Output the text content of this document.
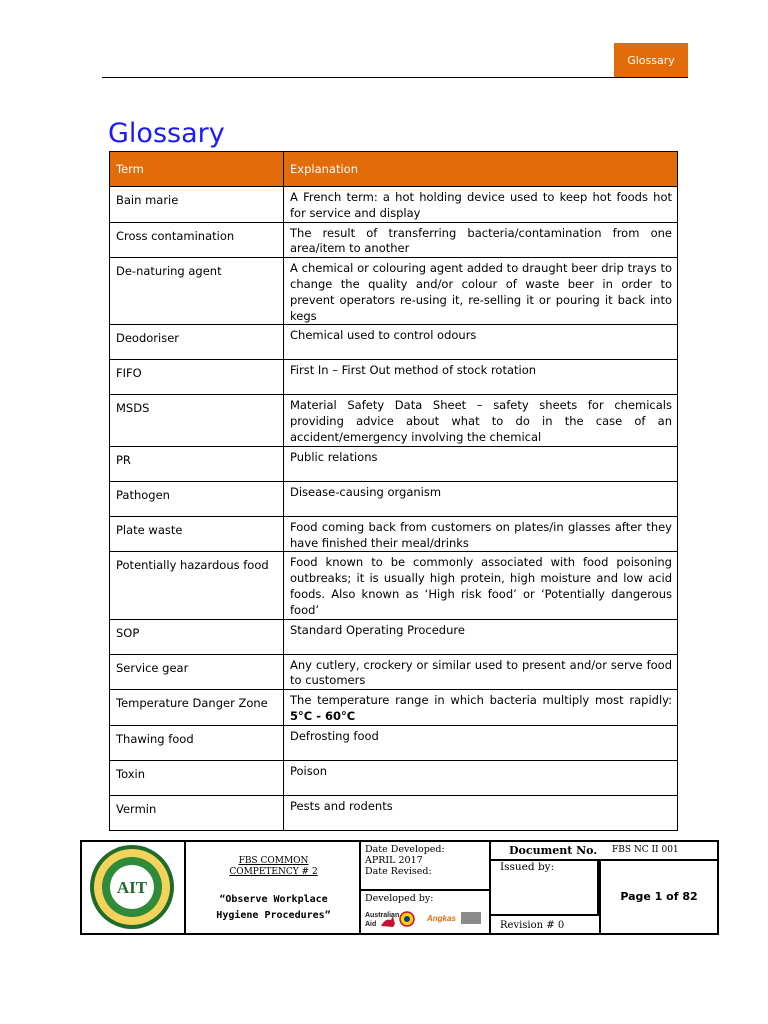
Glossary
Glossary
Term	Explanation
Bain marie	A French term: a hot holding device used to keep hot foods hot for service and display
Cross contamination	The result of transferring bacteria/contamination from one area/item to another
De-naturing agent	A chemical or colouring agent added to draught beer drip trays to change the quality and/or colour of waste beer in order to prevent operators re-using it, re-selling it or pouring it back into kegs
Deodoriser	Chemical used to control odours
FIFO	First In – First Out method of stock rotation
MSDS	Material Safety Data Sheet – safety sheets for chemicals providing advice about what to do in the case of an accident/emergency involving the chemical
PR	Public relations
Pathogen	Disease-causing organism
Plate waste	Food coming back from customers on plates/in glasses after they have finished their meal/drinks
Potentially hazardous food	Food known to be commonly associated with food poisoning outbreaks; it is usually high protein, high moisture and low acid foods. Also known as ‘High risk food’ or ‘Potentially dangerous food’
SOP	Standard Operating Procedure
Service gear	Any cutlery, crockery or similar used to present and/or serve food to customers
Temperature Danger Zone	The temperature range in which bacteria multiply most rapidly: 5°C - 60°C
Thawing food	Defrosting food
Toxin	Poison
Vermin	Pests and rodents
AIT
FBS COMMON
COMPETENCY # 2
“Observe Workplace
Hygiene Procedures”
Date Developed:
APRIL 2017
Date Revised:
Developed by:
Australian
Aid
Angkas
Document No. FBS NC II 001
Issued by:
Revision # 0
Page 1 of 82
